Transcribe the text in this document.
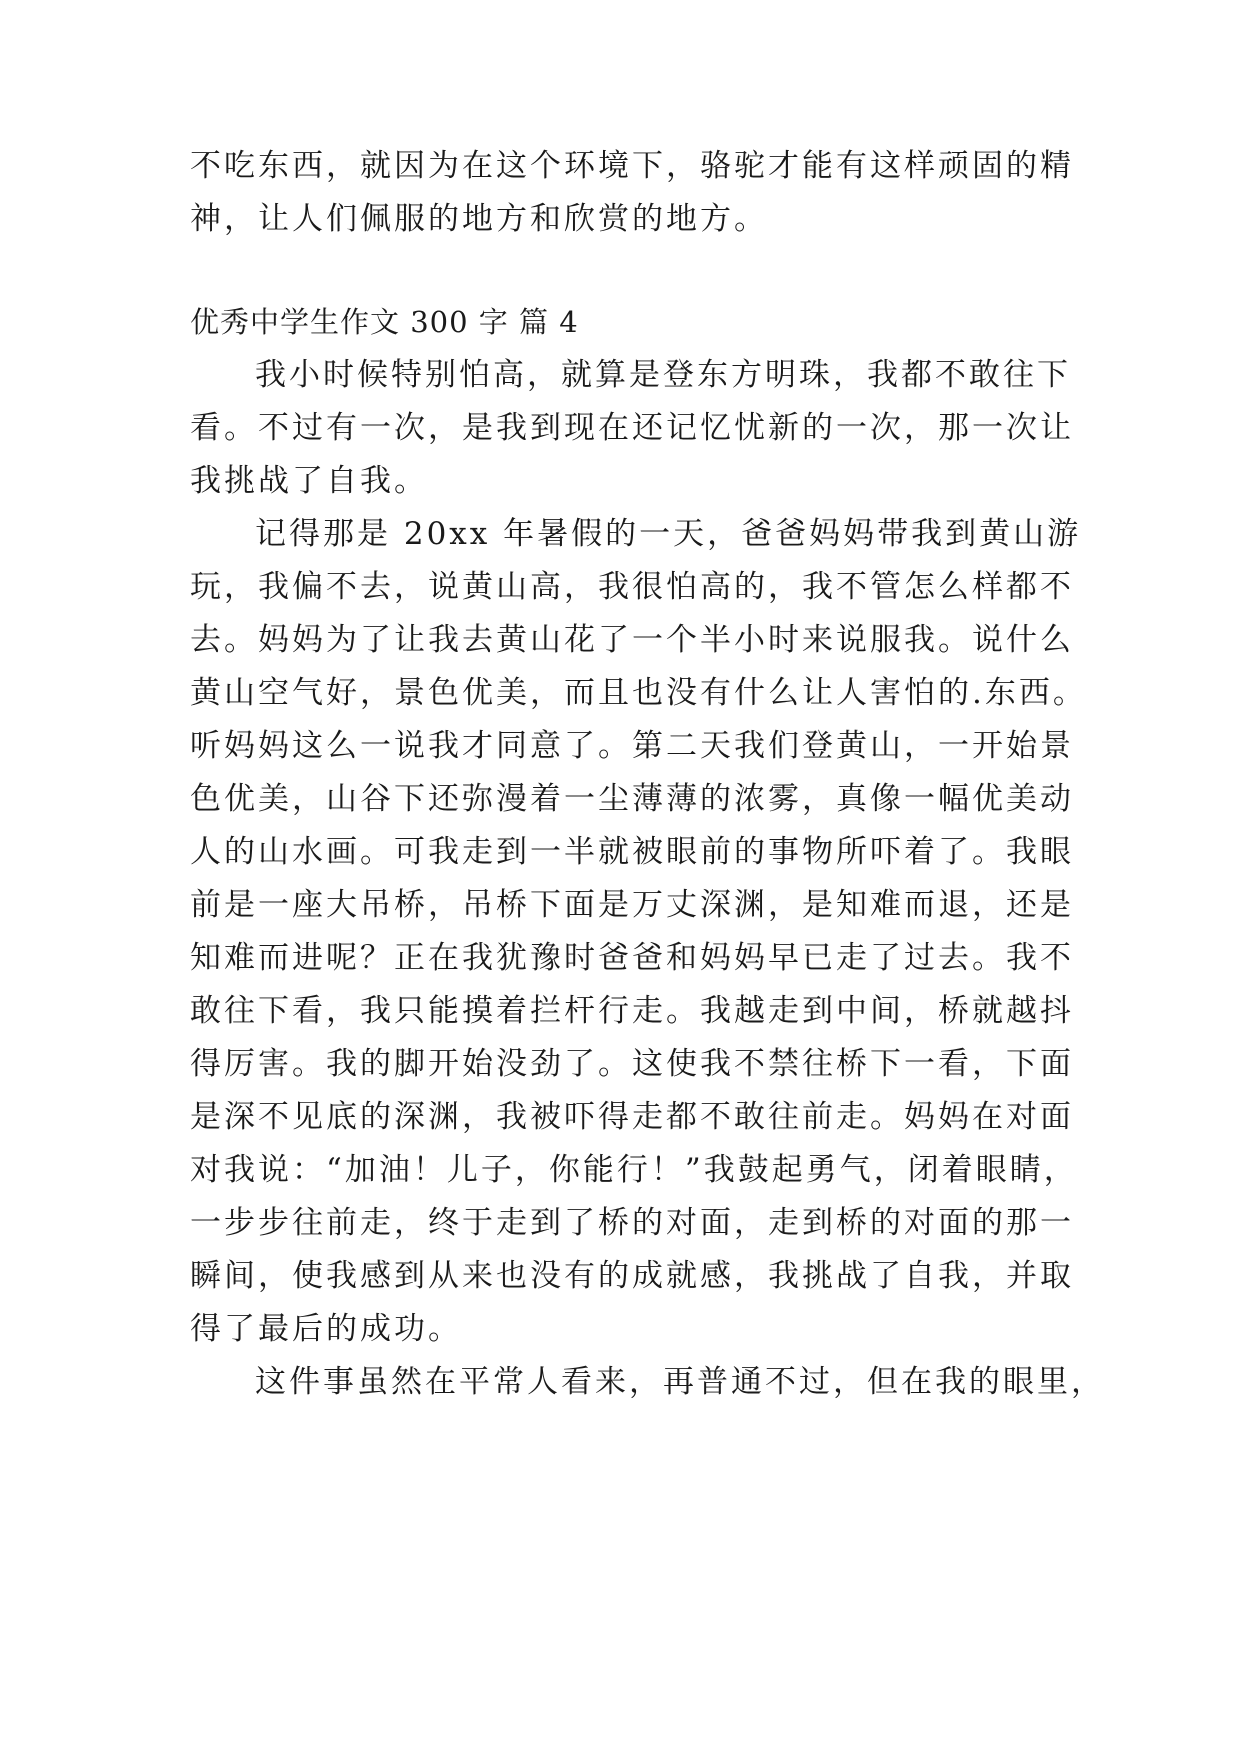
不吃东西，就因为在这个环境下，骆驼才能有这样顽固的精
神，让人们佩服的地方和欣赏的地方。
优秀中学生作文 300 字 篇 4
我小时候特别怕高，就算是登东方明珠，我都不敢往下
看。不过有一次，是我到现在还记忆忧新的一次，那一次让
我挑战了自我。
记得那是 20xx 年暑假的一天，爸爸妈妈带我到黄山游
玩，我偏不去，说黄山高，我很怕高的，我不管怎么样都不
去。妈妈为了让我去黄山花了一个半小时来说服我。说什么
黄山空气好，景色优美，而且也没有什么让人害怕的.东西。
听妈妈这么一说我才同意了。第二天我们登黄山，一开始景
色优美，山谷下还弥漫着一尘薄薄的浓雾，真像一幅优美动
人的山水画。可我走到一半就被眼前的事物所吓着了。我眼
前是一座大吊桥，吊桥下面是万丈深渊，是知难而退，还是
知难而进呢？正在我犹豫时爸爸和妈妈早已走了过去。我不
敢往下看，我只能摸着拦杆行走。我越走到中间，桥就越抖
得厉害。我的脚开始没劲了。这使我不禁往桥下一看，下面
是深不见底的深渊，我被吓得走都不敢往前走。妈妈在对面
对我说：“加油！儿子，你能行！”我鼓起勇气，闭着眼睛，
一步步往前走，终于走到了桥的对面，走到桥的对面的那一
瞬间，使我感到从来也没有的成就感，我挑战了自我，并取
得了最后的成功。
这件事虽然在平常人看来，再普通不过，但在我的眼里，
